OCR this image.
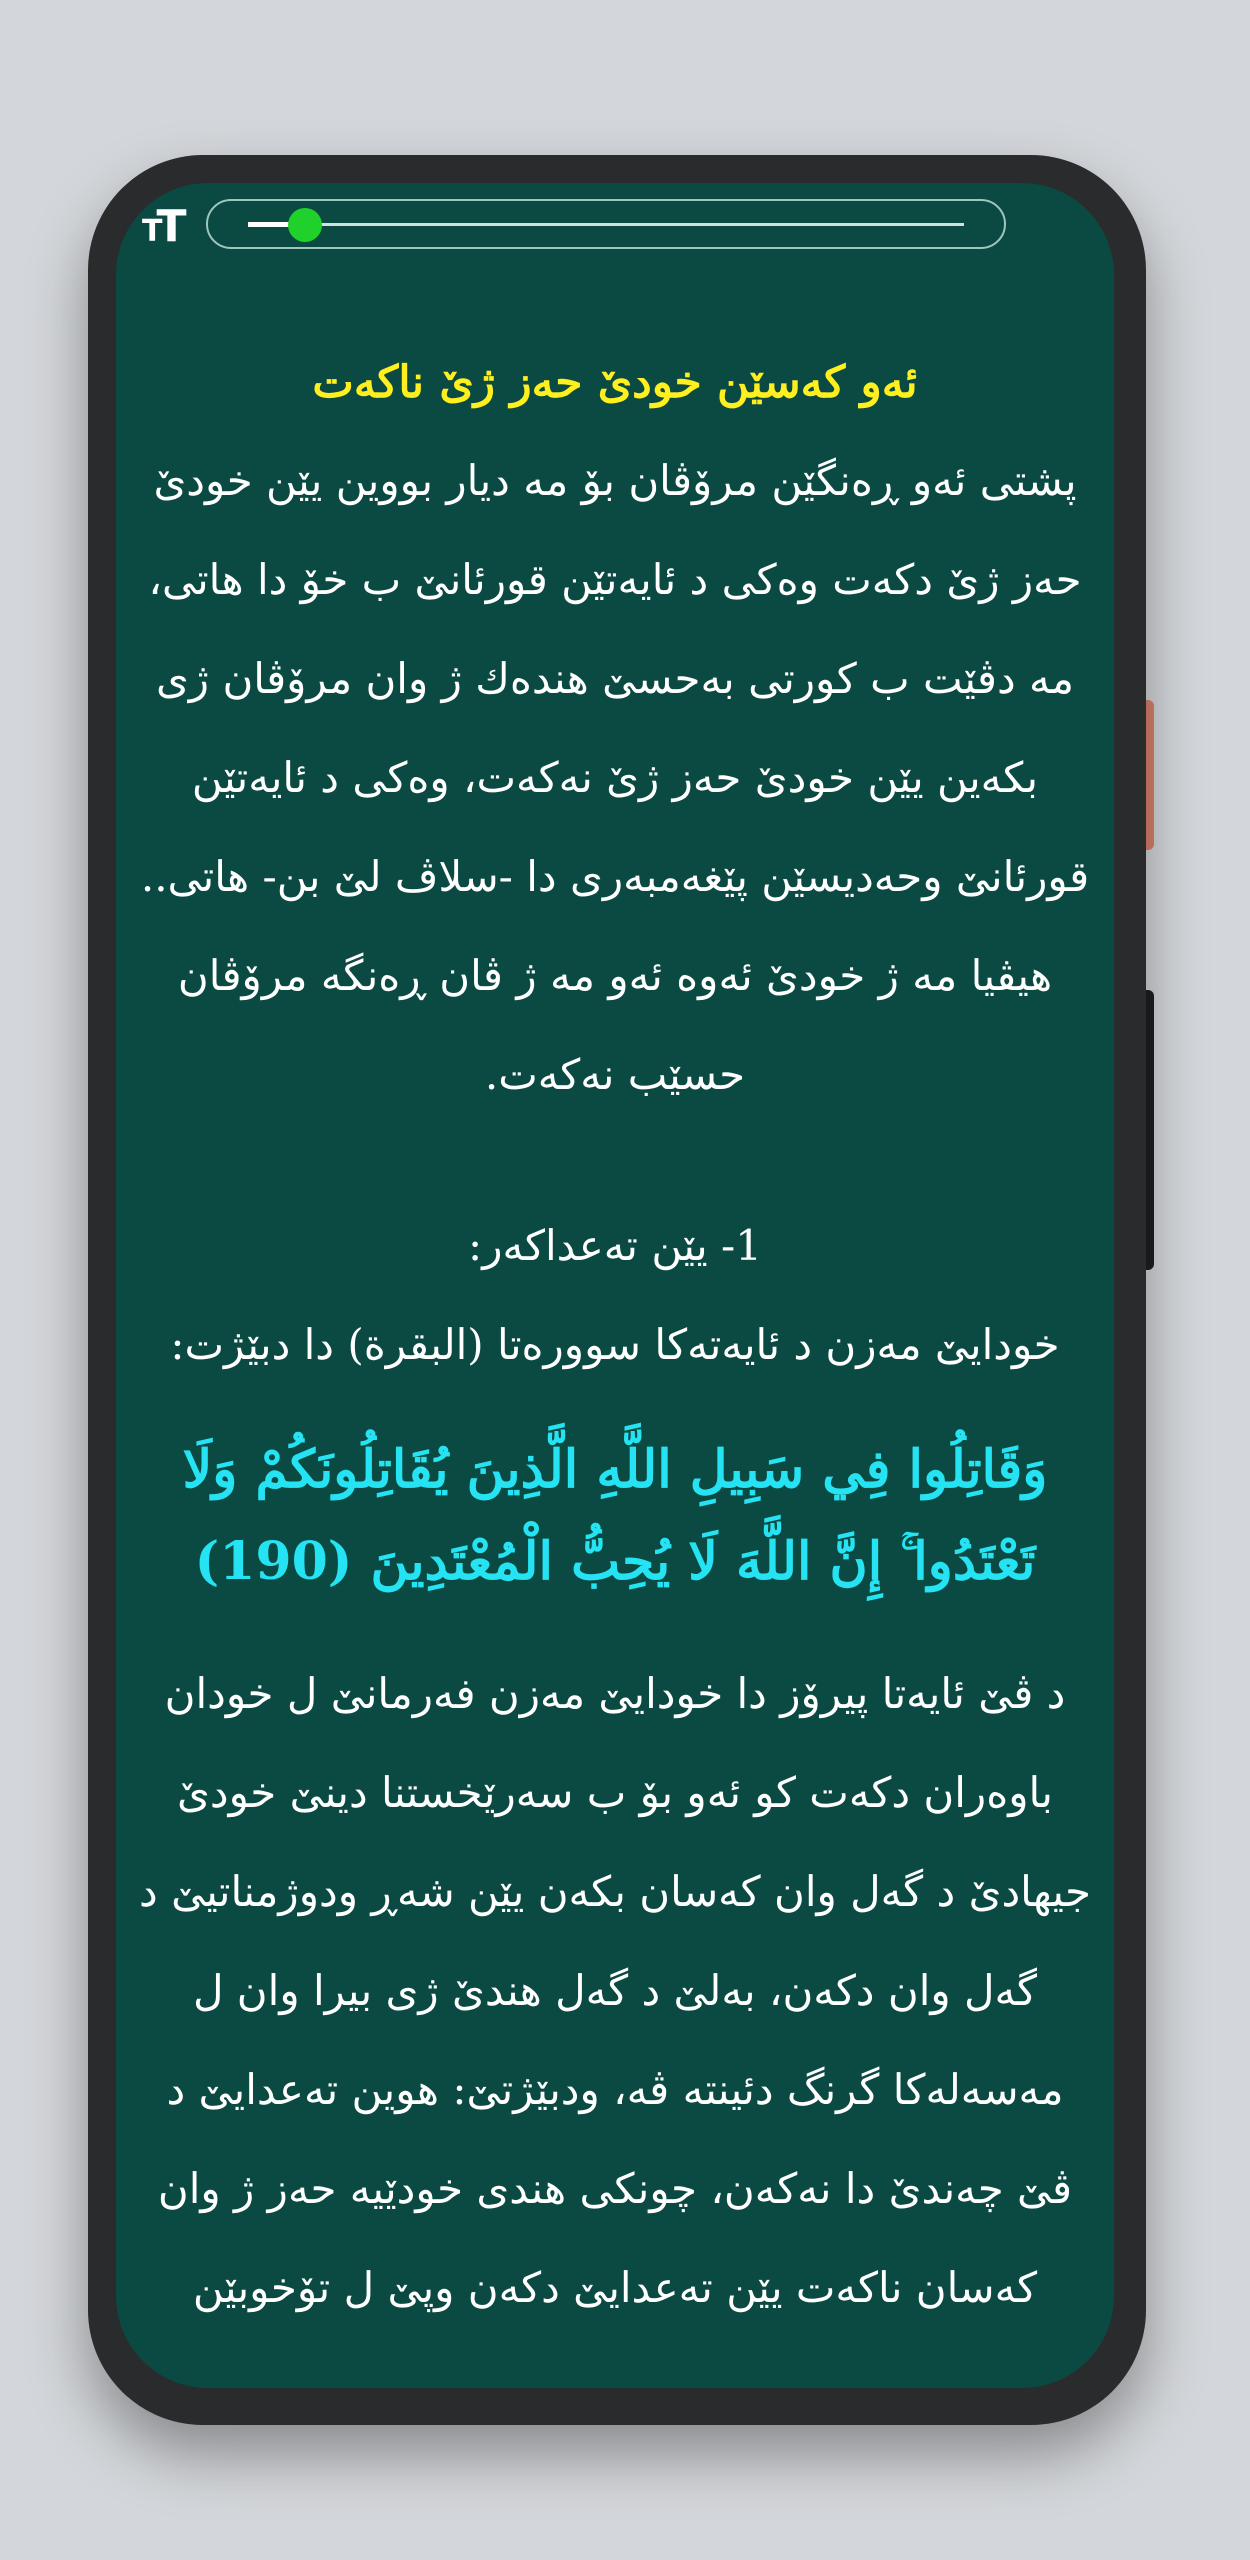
TT

ئەو کەسێن خودێ حەز ژێ ناکەت

پشتی ئەو ڕەنگێن مرۆڤان بۆ مە دیار بووین یێن خودێ حەز ژێ دکەت وەکی د ئایەتێن قورئانێ ب خۆ دا هاتی، مە دڤێت ب کورتی بەحسێ هندەك ژ وان مرۆڤان ژی بکەین یێن خودێ حەز ژێ نەکەت، وەکی د ئایەتێن قورئانێ وحەدیسێن پێغەمبەری دا -سلاڤ لێ بن- هاتی.. هیڤیا مە ژ خودێ ئەوە ئەو مە ژ ڤان ڕەنگە مرۆڤان حسێب نەکەت.

1- یێن تەعداکەر:

خودایێ مەزن د ئایەتەکا سوورەتا (البقرة) دا دبێژت:

وَقَاتِلُوا فِي سَبِيلِ اللَّهِ الَّذِينَ يُقَاتِلُونَكُمْ وَلَا تَعْتَدُوا ۚ إِنَّ اللَّهَ لَا يُحِبُّ الْمُعْتَدِينَ (190)

د ڤێ ئایەتا پیرۆز دا خودایێ مەزن فەرمانێ ل خودان باوەران دکەت کو ئەو بۆ ب سەرێخستنا دینێ خودێ جیهادێ د گەل وان کەسان بکەن یێن شەڕ ودوژمناتیێ د گەل وان دکەن، بەلێ د گەل هندێ ژی بیرا وان ل مەسەلەکا گرنگ دئینتە ڤە، ودبێژتێ: هوین تەعدایێ د ڤێ چەندێ دا نەکەن، چونکی هندی خودێیە حەز ژ وان کەسان ناکەت یێن تەعدایێ دکەن وپێ ل تۆخوبێن
